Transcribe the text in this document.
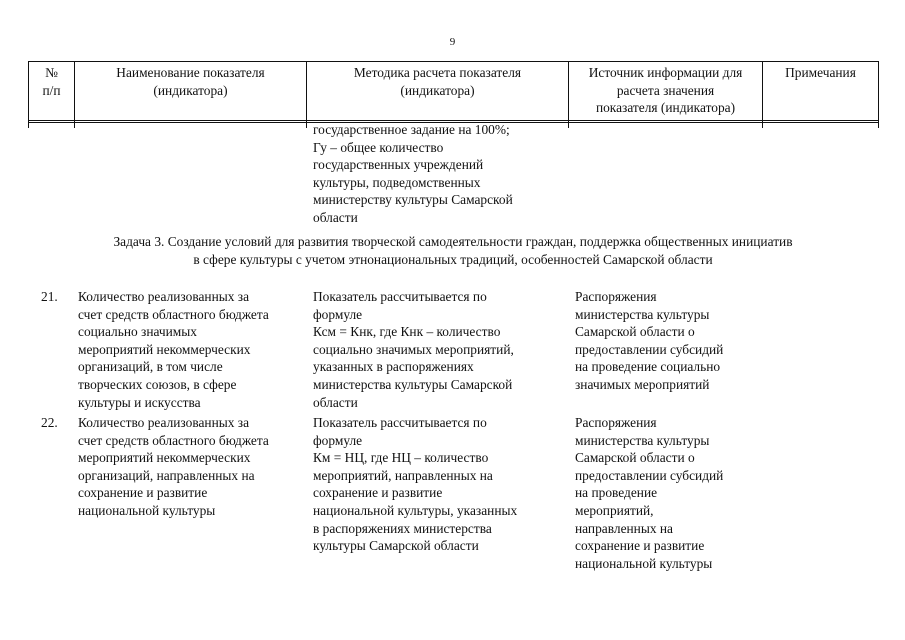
9
№
п/п
Наименование показателя
(индикатора)
Методика расчета показателя
(индикатора)
Источник информации для
расчета значения
показателя (индикатора)
Примечания
государственное задание на 100%;
Гу – общее количество
государственных учреждений
культуры, подведомственных
министерству культуры Самарской
области
Задача 3. Создание условий для развития творческой самодеятельности граждан, поддержка общественных инициатив
в сфере культуры с учетом этнонациональных традиций, особенностей Самарской области
21. Количество реализованных за
счет средств областного бюджета
социально значимых
мероприятий некоммерческих
организаций, в том числе
творческих союзов, в сфере
культуры и искусства
Показатель рассчитывается по
формуле
Ксм = Кнк, где Кнк – количество
социально значимых мероприятий,
указанных в распоряжениях
министерства культуры Самарской
области
Распоряжения
министерства культуры
Самарской области о
предоставлении субсидий
на проведение социально
значимых мероприятий
22. Количество реализованных за
счет средств областного бюджета
мероприятий некоммерческих
организаций, направленных на
сохранение и развитие
национальной культуры
Показатель рассчитывается по
формуле
Км = НЦ, где НЦ – количество
мероприятий, направленных на
сохранение и развитие
национальной культуры, указанных
в распоряжениях министерства
культуры Самарской области
Распоряжения
министерства культуры
Самарской области о
предоставлении субсидий
на проведение
мероприятий,
направленных на
сохранение и развитие
национальной культуры
